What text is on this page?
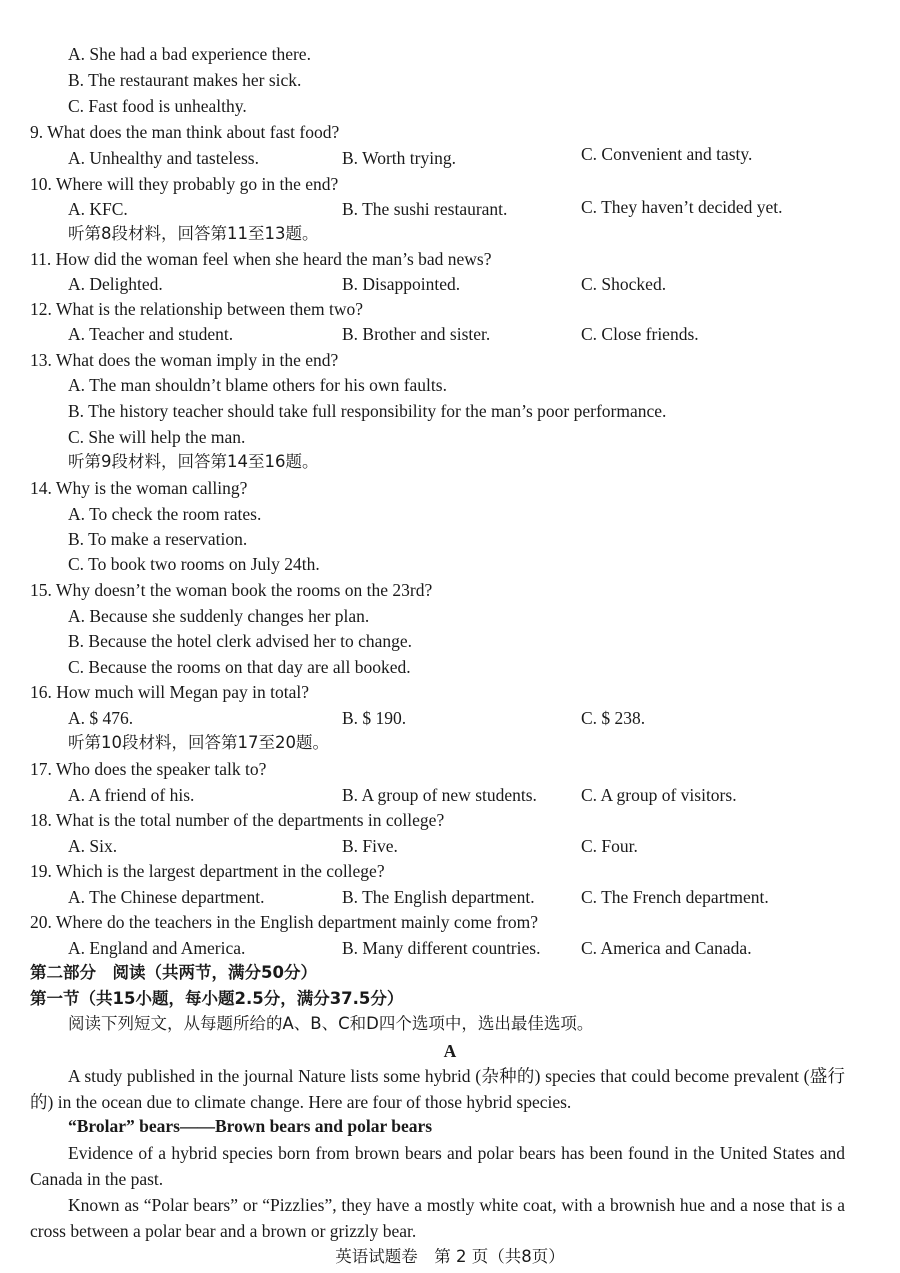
A. She had a bad experience there.
B. The restaurant makes her sick.
C. Fast food is unhealthy.
9. What does the man think about fast food?
A. Unhealthy and tasteless.	B. Worth trying.	C. Convenient and tasty.
10. Where will they probably go in the end?
A. KFC.	B. The sushi restaurant.	C. They haven’t decided yet.
听第8段材料，回答第11至13题。
11. How did the woman feel when she heard the man’s bad news?
A. Delighted.	B. Disappointed.	C. Shocked.
12. What is the relationship between them two?
A. Teacher and student.	B. Brother and sister.	C. Close friends.
13. What does the woman imply in the end?
A. The man shouldn’t blame others for his own faults.
B. The history teacher should take full responsibility for the man’s poor performance.
C. She will help the man.
听第9段材料，回答第14至16题。
14. Why is the woman calling?
A. To check the room rates.
B. To make a reservation.
C. To book two rooms on July 24th.
15. Why doesn’t the woman book the rooms on the 23rd?
A. Because she suddenly changes her plan.
B. Because the hotel clerk advised her to change.
C. Because the rooms on that day are all booked.
16. How much will Megan pay in total?
A. $ 476.	B. $ 190.	C. $ 238.
听第10段材料，回答第17至20题。
17. Who does the speaker talk to?
A. A friend of his.	B. A group of new students.	C. A group of visitors.
18. What is the total number of the departments in college?
A. Six.	B. Five.	C. Four.
19. Which is the largest department in the college?
A. The Chinese department.	B. The English department.	C. The French department.
20. Where do the teachers in the English department mainly come from?
A. England and America.	B. Many different countries. C. America and Canada.
第二部分　阅读（共两节，满分50分）
第一节（共15小题，每小题2.5分，满分37.5分）
阅读下列短文，从每题所给的A、B、C和D四个选项中，选出最佳选项。
A
A study published in the journal Nature lists some hybrid (杂种的) species that could become prevalent (盛行的) in the ocean due to climate change. Here are four of those hybrid species.
“Brolar” bears——Brown bears and polar bears
Evidence of a hybrid species born from brown bears and polar bears has been found in the United States and Canada in the past.
Known as “Polar bears” or “Pizzlies”, they have a mostly white coat, with a brownish hue and a nose that is a cross between a polar bear and a brown or grizzly bear.
英语试题卷　第 2 页（共8页）
